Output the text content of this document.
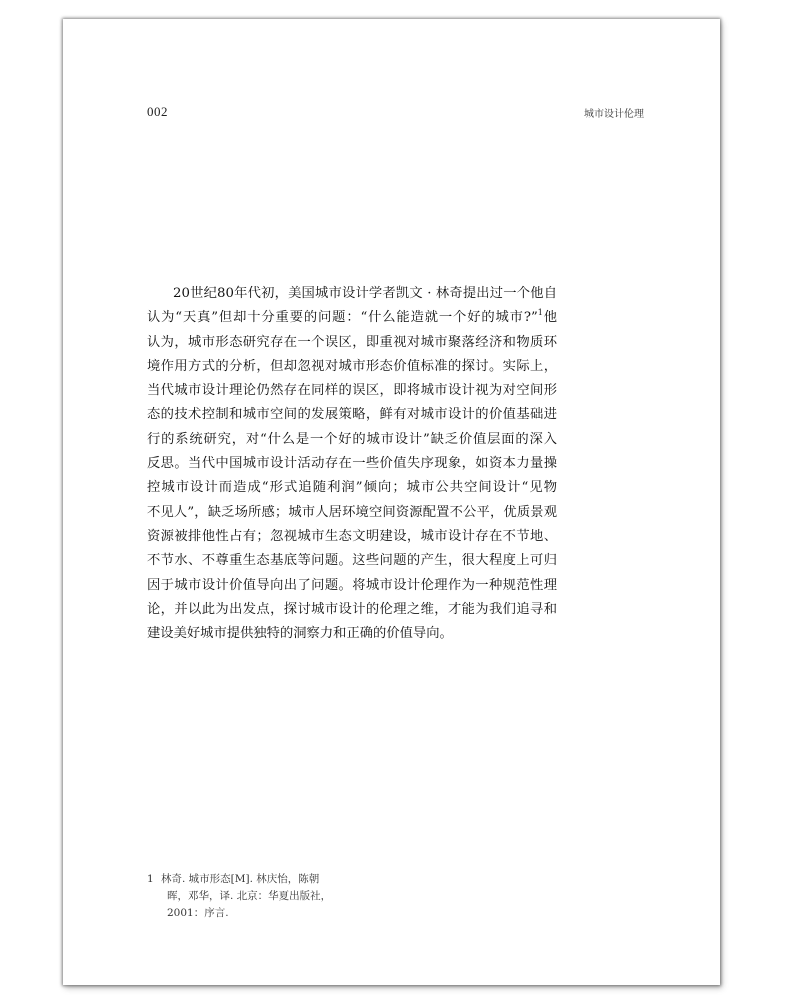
002	城市设计伦理

20世纪80年代初，美国城市设计学者凯文 · 林奇提出过一个他自
认为“天真”但却十分重要的问题：“什么能造就一个好的城市?”$^1$他
认为，城市形态研究存在一个误区，即重视对城市聚落经济和物质环
境作用方式的分析，但却忽视对城市形态价值标准的探讨。实际上，
当代城市设计理论仍然存在同样的误区，即将城市设计视为对空间形
态的技术控制和城市空间的发展策略，鲜有对城市设计的价值基础进
行的系统研究，对“什么是一个好的城市设计”缺乏价值层面的深入
反思。当代中国城市设计活动存在一些价值失序现象，如资本力量操
控城市设计而造成“形式追随利润”倾向；城市公共空间设计“见物
不见人”，缺乏场所感；城市人居环境空间资源配置不公平，优质景观
资源被排他性占有；忽视城市生态文明建设，城市设计存在不节地、
不节水、不尊重生态基底等问题。这些问题的产生，很大程度上可归
因于城市设计价值导向出了问题。将城市设计伦理作为一种规范性理
论，并以此为出发点，探讨城市设计的伦理之维，才能为我们追寻和
建设美好城市提供独特的洞察力和正确的价值导向。

1 林奇. 城市形态[M]. 林庆怡，陈朝
晖，邓华，译. 北京：华夏出版社，
2001：序言.
